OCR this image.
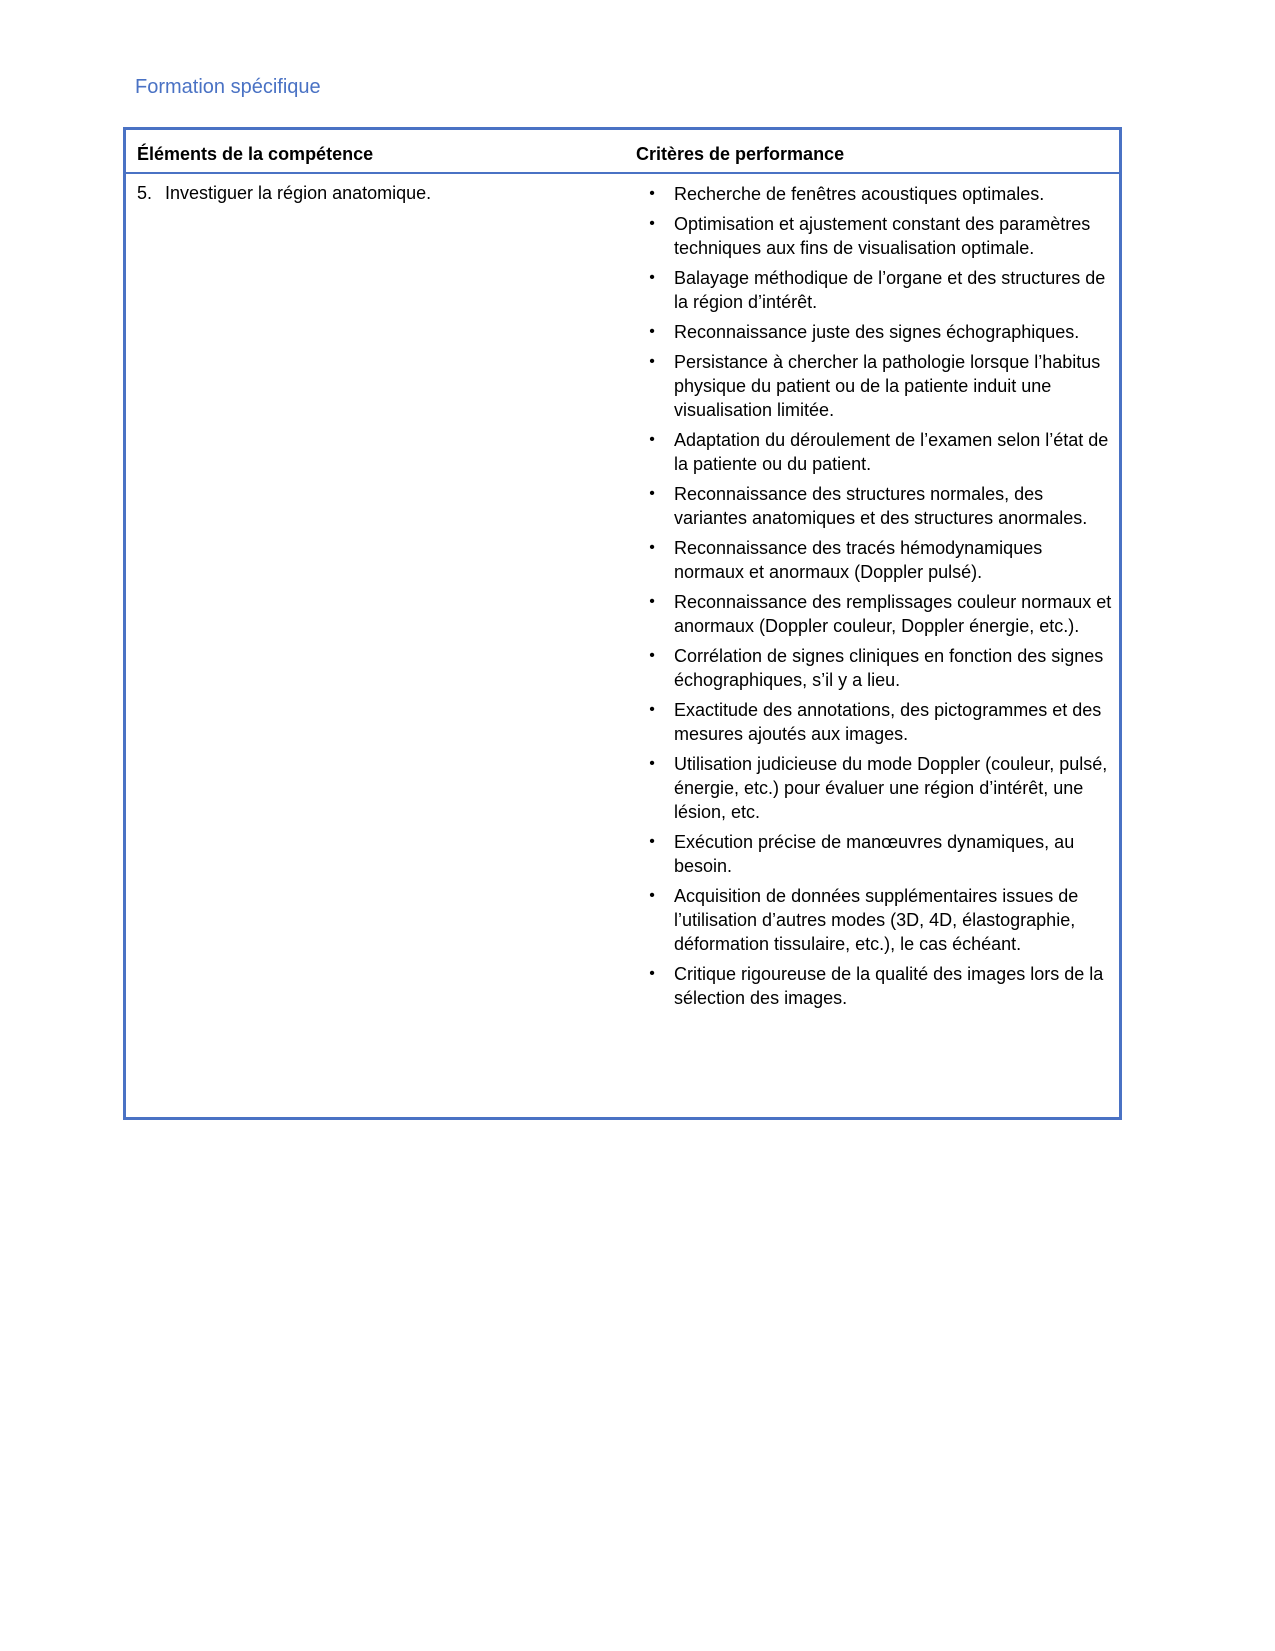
Formation spécifique
Éléments de la compétence	Critères de performance
5. Investiguer la région anatomique.	• Recherche de fenêtres acoustiques optimales.
• Optimisation et ajustement constant des paramètres techniques aux fins de visualisation optimale.
• Balayage méthodique de l’organe et des structures de la région d’intérêt.
• Reconnaissance juste des signes échographiques.
• Persistance à chercher la pathologie lorsque l’habitus physique du patient ou de la patiente induit une visualisation limitée.
• Adaptation du déroulement de l’examen selon l’état de la patiente ou du patient.
• Reconnaissance des structures normales, des variantes anatomiques et des structures anormales.
• Reconnaissance des tracés hémodynamiques normaux et anormaux (Doppler pulsé).
• Reconnaissance des remplissages couleur normaux et anormaux (Doppler couleur, Doppler énergie, etc.).
• Corrélation de signes cliniques en fonction des signes échographiques, s’il y a lieu.
• Exactitude des annotations, des pictogrammes et des mesures ajoutés aux images.
• Utilisation judicieuse du mode Doppler (couleur, pulsé, énergie, etc.) pour évaluer une région d’intérêt, une lésion, etc.
• Exécution précise de manœuvres dynamiques, au besoin.
• Acquisition de données supplémentaires issues de l’utilisation d’autres modes (3D, 4D, élastographie, déformation tissulaire, etc.), le cas échéant.
• Critique rigoureuse de la qualité des images lors de la sélection des images.
